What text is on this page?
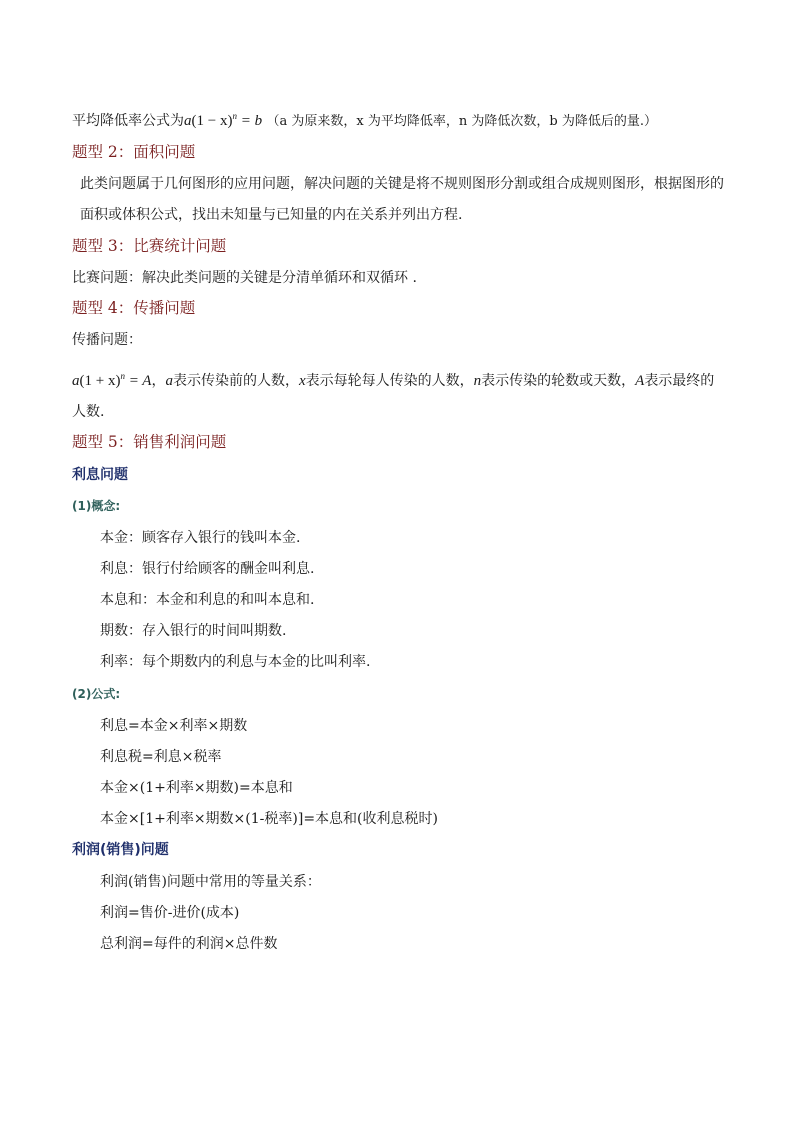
平均降低率公式为$a(1 - x)^n = b$ （a 为原来数，x 为平均降低率，n 为降低次数，b 为降低后的量.）
题型 2：面积问题
此类问题属于几何图形的应用问题，解决问题的关键是将不规则图形分割或组合成规则图形，根据图形的
面积或体积公式，找出未知量与已知量的内在关系并列出方程.
题型 3：比赛统计问题
比赛问题：解决此类问题的关键是分清单循环和双循环 .
题型 4：传播问题
传播问题：
$a(1 + x)^n = A$，a表示传染前的人数，x表示每轮每人传染的人数，n表示传染的轮数或天数，A表示最终的
人数.
题型 5：销售利润问题
利息问题
(1)概念:
本金：顾客存入银行的钱叫本金.
利息：银行付给顾客的酬金叫利息.
本息和：本金和利息的和叫本息和.
期数：存入银行的时间叫期数.
利率：每个期数内的利息与本金的比叫利率.
(2)公式:
利息=本金×利率×期数
利息税=利息×税率
本金×(1+利率×期数)=本息和
本金×[1+利率×期数×(1-税率)]=本息和(收利息税时)
利润(销售)问题
利润(销售)问题中常用的等量关系：
利润=售价-进价(成本)
总利润=每件的利润×总件数
